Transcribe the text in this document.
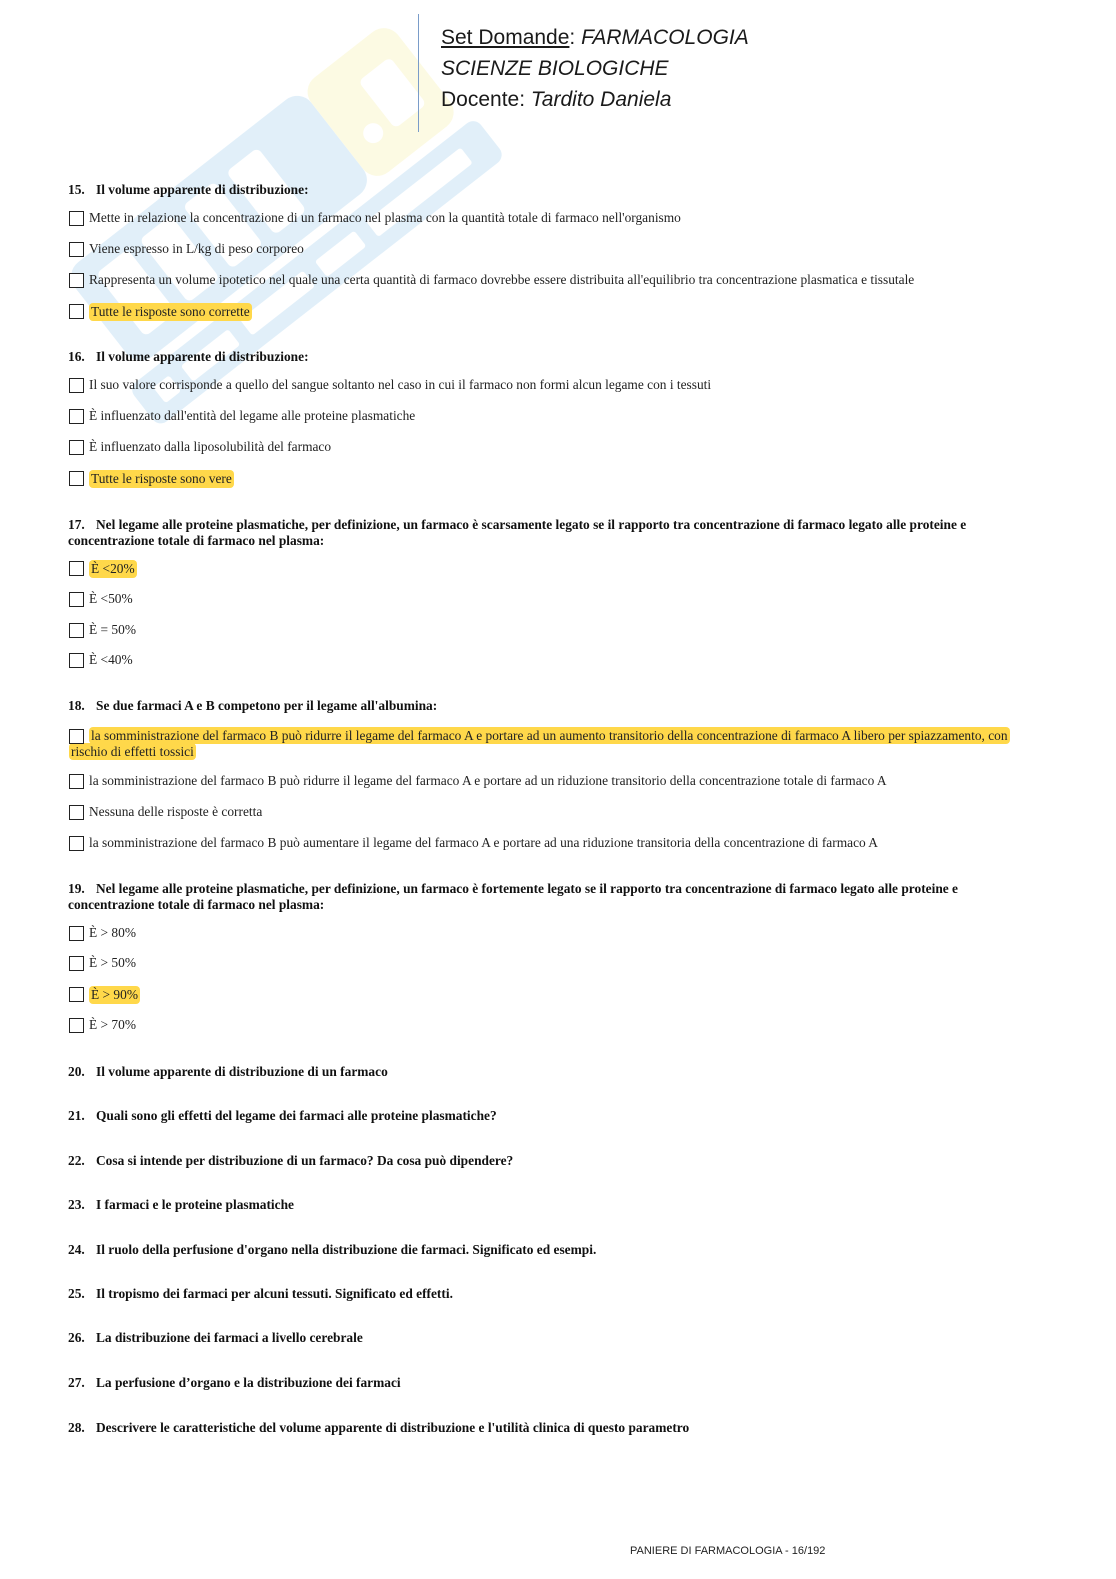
Set Domande: FARMACOLOGIA
SCIENZE BIOLOGICHE
Docente: Tardito Daniela
15. Il volume apparente di distribuzione:
Mette in relazione la concentrazione di un farmaco nel plasma con la quantità totale di farmaco nell'organismo
Viene espresso in L/kg di peso corporeo
Rappresenta un volume ipotetico nel quale una certa quantità di farmaco dovrebbe essere distribuita all'equilibrio tra concentrazione plasmatica e tissutale
Tutte le risposte sono corrette
16. Il volume apparente di distribuzione:
Il suo valore corrisponde a quello del sangue soltanto nel caso in cui il farmaco non formi alcun legame con i tessuti
È influenzato dall'entità del legame alle proteine plasmatiche
È influenzato dalla liposolubilità del farmaco
Tutte le risposte sono vere
17. Nel legame alle proteine plasmatiche, per definizione, un farmaco è scarsamente legato se il rapporto tra concentrazione di farmaco legato alle proteine e concentrazione totale di farmaco nel plasma:
È <20%
È <50%
È = 50%
È <40%
18. Se due farmaci A e B competono per il legame all'albumina:
la somministrazione del farmaco B può ridurre il legame del farmaco A e portare ad un aumento transitorio della concentrazione di farmaco A libero per spiazzamento, con rischio di effetti tossici
la somministrazione del farmaco B può ridurre il legame del farmaco A e portare ad un riduzione transitorio della concentrazione totale di farmaco A
Nessuna delle risposte è corretta
la somministrazione del farmaco B può aumentare il legame del farmaco A e portare ad una riduzione transitoria della concentrazione di farmaco A
19. Nel legame alle proteine plasmatiche, per definizione, un farmaco è fortemente legato se il rapporto tra concentrazione di farmaco legato alle proteine e concentrazione totale di farmaco nel plasma:
È > 80%
È > 50%
È > 90%
È > 70%
20. Il volume apparente di distribuzione di un farmaco
21. Quali sono gli effetti del legame dei farmaci alle proteine plasmatiche?
22. Cosa si intende per distribuzione di un farmaco? Da cosa può dipendere?
23. I farmaci e le proteine plasmatiche
24. Il ruolo della perfusione d'organo nella distribuzione die farmaci. Significato ed esempi.
25. Il tropismo dei farmaci per alcuni tessuti. Significato ed effetti.
26. La distribuzione dei farmaci a livello cerebrale
27. La perfusione d’organo e la distribuzione dei farmaci
28. Descrivere le caratteristiche del volume apparente di distribuzione e l'utilità clinica di questo parametro
PANIERE DI FARMACOLOGIA - 16/192
